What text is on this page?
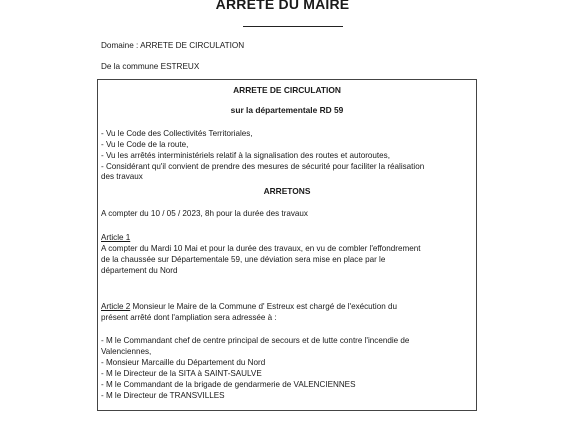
ARRETE DU MAIRE
Domaine : ARRETE DE CIRCULATION
De la commune ESTREUX
ARRETE DE CIRCULATION
sur la départementale RD 59
- Vu le Code des Collectivités Territoriales,
- Vu le Code de la route,
- Vu les arrêtés interministériels relatif à la signalisation des routes et autoroutes,
- Considérant qu'il convient de prendre des mesures de sécurité pour faciliter la réalisation
des travaux
ARRETONS
A compter du 10 / 05 / 2023, 8h pour la durée des travaux
Article 1
A compter du Mardi 10 Mai et pour la durée des travaux, en vu de combler l'effondrement
de la chaussée sur Départementale 59, une déviation sera mise en place par le
département du Nord
Article 2 Monsieur le Maire de la Commune d' Estreux est chargé de l'exécution du
présent arrêté dont l'ampliation sera adressée à :
- M le Commandant chef de centre principal de secours et de lutte contre l'incendie de
Valenciennes,
- Monsieur Marcaille du Département du Nord
- M le Directeur de la SITA à SAINT-SAULVE
- M le Commandant de la brigade de gendarmerie de VALENCIENNES
- M le Directeur de TRANSVILLES
